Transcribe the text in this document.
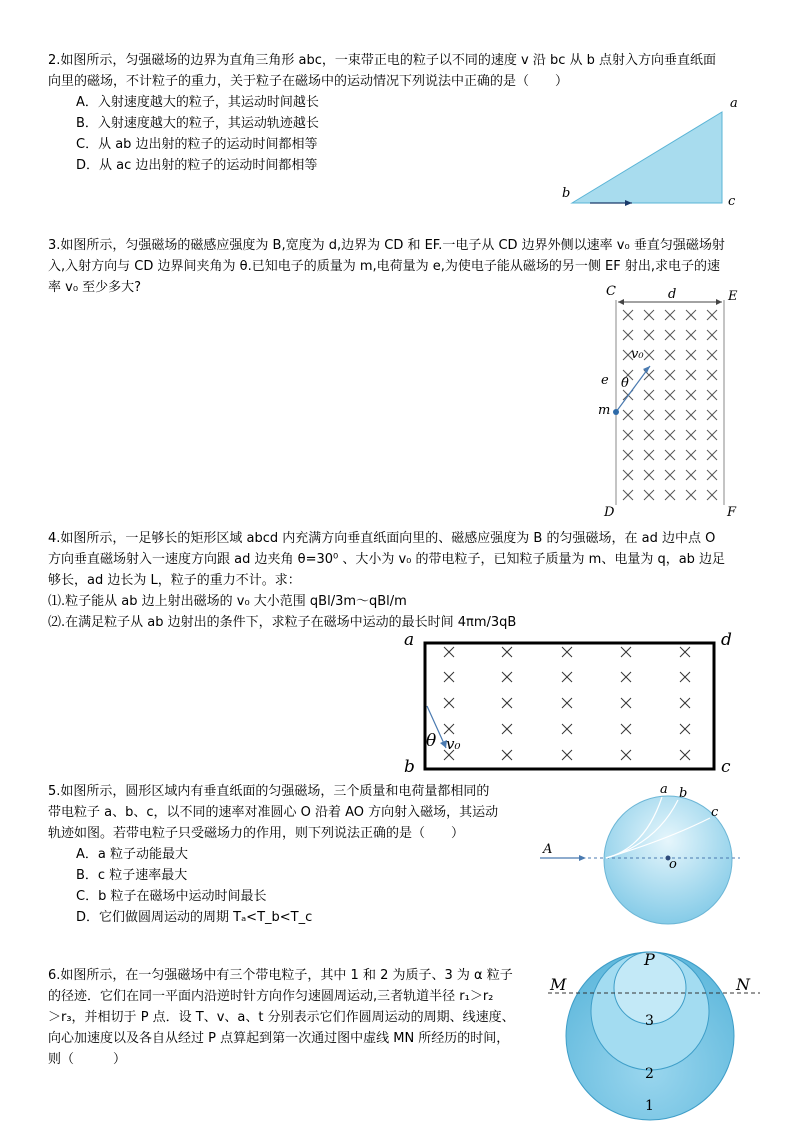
2.如图所示，匀强磁场的边界为直角三角形 abc，一束带正电的粒子以不同的速度 v 沿 bc 从 b 点射入方向垂直纸面

向里的磁场，不计粒子的重力，关于粒子在磁场中的运动情况下列说法中正确的是（　　）

A．入射速度越大的粒子，其运动时间越长
B．入射速度越大的粒子，其运动轨迹越长
C．从 ab 边出射的粒子的运动时间都相等
D．从 ac 边出射的粒子的运动时间都相等
a
b
c

3.如图所示，匀强磁场的磁感应强度为 B,宽度为 d,边界为 CD 和 EF.一电子从 CD 边界外侧以速率 v₀ 垂直匀强磁场射

入,入射方向与 CD 边界间夹角为 θ.已知电子的质量为 m,电荷量为 e,为使电子能从磁场的另一侧 EF 射出,求电子的速

率 v₀ 至少多大?	C	d	E
v₀
θ
e
m
D	F

4.如图所示，一足够长的矩形区域 abcd 内充满方向垂直纸面向里的、磁感应强度为 B 的匀强磁场，在 ad 边中点 O

方向垂直磁场射入一速度方向跟 ad 边夹角 θ=30⁰ 、大小为 v₀ 的带电粒子，已知粒子质量为 m、电量为 q，ab 边足

够长，ad 边长为 L，粒子的重力不计。求：

⑴.粒子能从 ab 边上射出磁场的 v₀ 大小范围 qBl/3m～qBl/m

⑵.在满足粒子从 ab 边射出的条件下，求粒子在磁场中运动的最长时间 4πm/3qB

a	d
b	c
θ v₀

5.如图所示，圆形区域内有垂直纸面的匀强磁场，三个质量和电荷量都相同的

带电粒子 a、b、c，以不同的速率对准圆心 O 沿着 AO 方向射入磁场，其运动

轨迹如图。若带电粒子只受磁场力的作用，则下列说法正确的是（　　）

A．a 粒子动能最大
B．c 粒子速率最大
C．b 粒子在磁场中运动时间最长
D．它们做圆周运动的周期 Tₐ<T_b<T_c
a b
c
A
o

6.如图所示，在一匀强磁场中有三个带电粒子，其中 1 和 2 为质子、3 为 α 粒子

的径迹．它们在同一平面内沿逆时针方向作匀速圆周运动,三者轨道半径 r₁＞r₂

＞r₃，并相切于 P 点．设 T、v、a、t 分别表示它们作圆周运动的周期、线速度、

向心加速度以及各自从经过 P 点算起到第一次通过图中虚线 MN 所经历的时间，

则（　　　）

P
M	N
3
2
1
